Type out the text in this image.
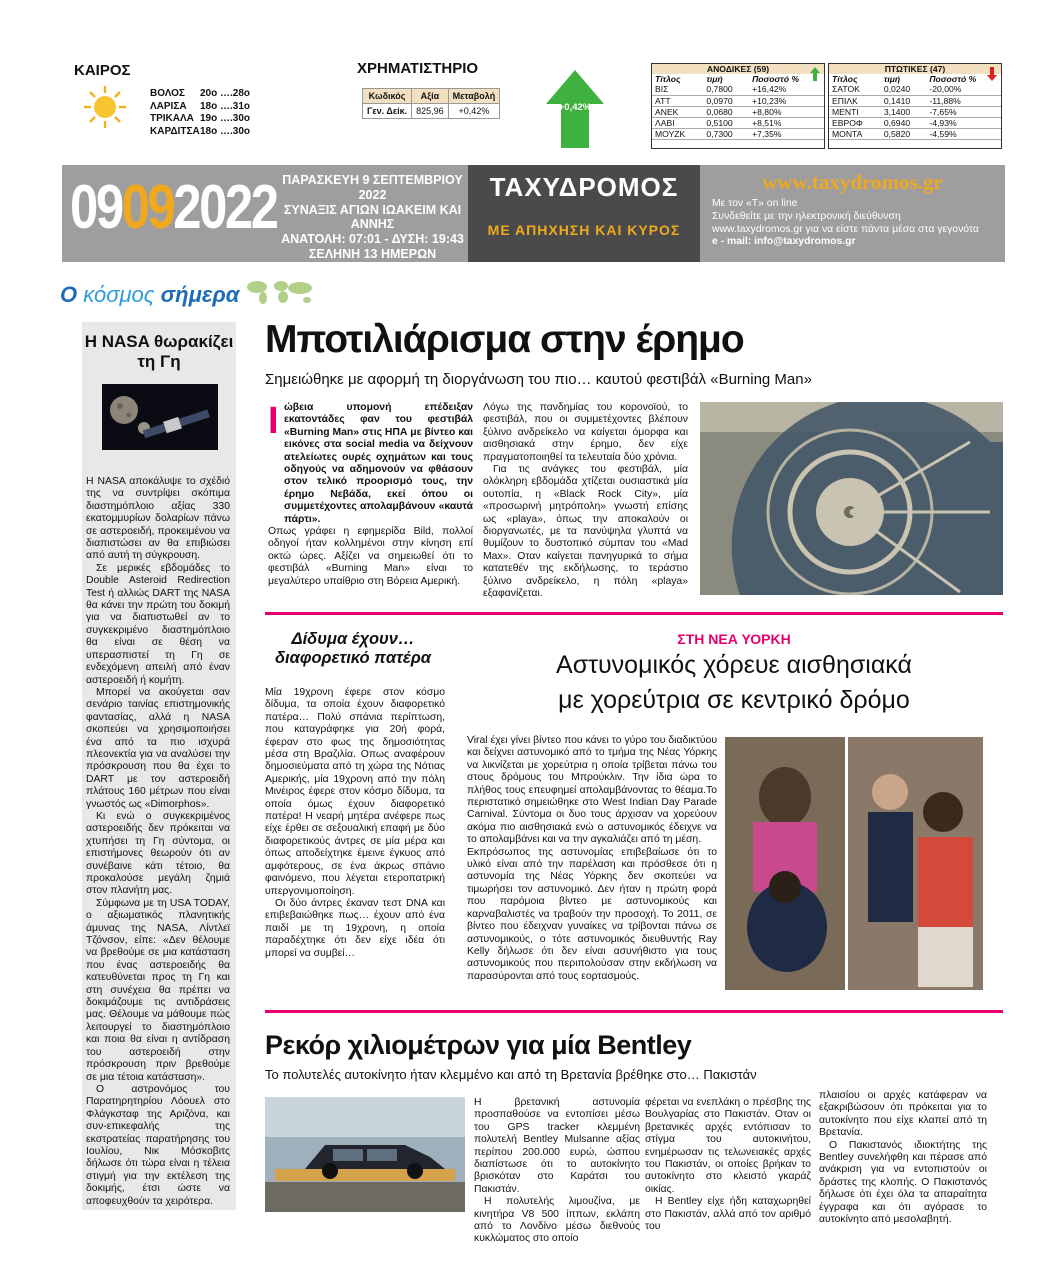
ΚΑΙΡΟΣ
ΒΟΛΟΣ	20ο ….28ο
ΛΑΡΙΣΑ	18ο ….31ο
ΤΡΙΚΑΛΑ 19ο ….30ο
ΚΑΡΔΙΤΣΑ 18ο ….30ο
ΧΡΗΜΑΤΙΣΤΗΡΙΟ
Κωδικός	Αξία	Μεταβολή
Γεν. Δείκ.	825,96	+0,42%	+0,42%
ΑΝΟΔΙΚΕΣ (59)		
Τίτλος	τιμή	Ποσοστό %
ΒΙΣ	0,7800	+16,42%
ΑΤΤ	0,0970	+10,23%
ΑΝΕΚ	0,0680	+8,80%
ΛΑΒΙ	0,5100	+8,51%
ΜΟΥΖΚ	0,7300	+7,35%
ΠΤΩΤΙΚΕΣ (47)		
Τίτλος	τιμή	Ποσοστό %
ΣΑΤΟΚ	0,0240	-20,00%
ΕΠΙΛΚ	0,1410	-11,88%
ΜΕΝΤΙ	3,1400	-7,65%
ΕΒΡΟΦ	0,6940	-4,93%
ΜΟΝΤΑ	0,5820	-4,59%
09092022 ΠΑΡΑΣΚΕΥΗ 9 ΣΕΠΤΕΜΒΡΙΟΥ 2022
ΣΥΝΑΞΙΣ ΑΓΙΩΝ ΙΩΑΚΕΙΜ ΚΑΙ ΑΝΝΗΣ
ΑΝΑΤΟΛΗ: 07:01 - ΔΥΣΗ: 19:43
ΣΕΛΗΝΗ 13 ΗΜΕΡΩΝ
ΤΑΧΥΔΡΟΜΟΣ
ΜΕ ΑΠΗΧΗΣΗ ΚΑΙ ΚΥΡΟΣ
www.taxydromos.gr
Με τον «Τ» on line
Συνδεθείτε με την ηλεκτρονική διεύθυνση
www.taxydromos.gr για να είστε πάντα μέσα στα γεγονότα
e - mail: info@taxydromos.gr
Ο κόσμος σήμερα
Η NASA θωρακίζει τη Γη

Η NASA αποκάλυψε το σχέδιό της να συντρίψει σκόπιμα διαστημόπλοιο αξίας 330 εκατομμυρίων δολαρίων πάνω σε αστεροειδή, προκειμένου να διαπιστώσει αν θα επιβιώσει από αυτή τη σύγκρουση.

Σε μερικές εβδομάδες το Double Asteroid Redirection Test ή αλλιώς DART της NASA θα κάνει την πρώτη του δοκιμή για να διαπιστωθεί αν το συγκεκριμένο διαστημόπλοιο θα είναι σε θέση να υπερασπιστεί τη Γη σε ενδεχόμενη απειλή από έναν αστεροειδή ή κομήτη.

Μπορεί να ακούγεται σαν σενάριο ταινίας επιστημονικής φαντασίας, αλλά η NASA σκοπεύει να χρησιμοποιήσει ένα από τα πιο ισχυρά πλεονεκτία για να αναλύσει την πρόσκρουση που θα έχει το DART με τον αστεροειδή πλάτους 160 μέτρων που είναι γνωστός ως «Dimorphos».

Κι ενώ ο συγκεκριμένος αστεροειδής δεν πρόκειται να χτυπήσει τη Γη σύντομα, οι επιστήμονες θεωρούν ότι αν συνέβαινε κάτι τέτοιο, θα προκαλούσε μεγάλη ζημιά στον πλανήτη μας.

Σύμφωνα με τη USA TODAY, ο αξιωματικός πλανητικής άμυνας της NASA, Λίντλεϊ Τζόνσον, είπε: «Δεν θέλουμε να βρεθούμε σε μια κατάσταση που ένας αστεροειδής θα κατευθύνεται προς τη Γη και στη συνέχεια θα πρέπει να δοκιμάζουμε τις αντιδράσεις μας. Θέλουμε να μάθουμε πώς λειτουργεί το διαστημόπλοιο και ποια θα είναι η αντίδραση του αστεροειδή στην πρόσκρουση πριν βρεθούμε σε μια τέτοια κατάσταση».

Ο αστρονόμος του Παρατηρητηρίου Λόουελ στο Φλάγκσταφ της Αριζόνα, και συν-επικεφαλής της εκστρατείας παρατήρησης του Ιουλίου, Νικ Μόσκοβιτς δήλωσε ότι τώρα είναι η τέλεια στιγμή για την εκτέλεση της δοκιμής, έτσι ώστε να αποφευχθούν τα χειρότερα.

Μποτιλιάρισμα στην έρημο
Σημειώθηκε με αφορμή τη διοργάνωση του πιο… καυτού φεστιβάλ «Burning Man»
Ι ώβεια υπομονή επέδειξαν εκατοντάδες φαν του φεστιβάλ «Burning Man» στις ΗΠΑ με βίντεο και εικόνες στα social media να δείχνουν ατελείωτες ουρές οχημάτων και τους οδηγούς να αδημονούν να φθάσουν στον τελικό προορισμό τους, την έρημο Νεβάδα, εκεί όπου οι συμμετέχοντες απολαμβάνουν «καυτά πάρτι».

Οπως γράφει η εφημερίδα Bild, πολλοί οδηγοί ήταν κολλημένοι στην κίνηση επί οκτώ ώρες. Αξίζει να σημειωθεί ότι το φεστιβάλ «Burning Man» είναι το μεγαλύτερο υπαίθριο στη Βόρεια Αμερική.

Λόγω της πανδημίας του κορονοϊού, το φεστιβάλ, που οι συμμετέχοντες βλέπουν ξύλινο ανδρείκελο να καίγεται όμορφα και αισθησιακά στην έρημο, δεν είχε πραγματοποιηθεί τα τελευταία δύο χρόνια.

Για τις ανάγκες του φεστιβάλ, μία ολόκληρη εβδομάδα χτίζεται ουσιαστικά μία ουτοπία, η «Black Rock City», μία «προσωρινή μητρόπολη» γνωστή επίσης ως «playa», όπως την αποκαλούν οι διοργανωτές, με τα πανύψηλα γλυπτά να θυμίζουν το δυστοπικό σύμπαν του «Mad Max». Οταν καίγεται πανηγυρικά το σήμα κατατεθέν της εκδήλωσης, το τεράστιο ξύλινο ανδρείκελο, η πόλη «playa» εξαφανίζεται.

Δίδυμα έχουν… διαφορετικό πατέρα

Μία 19χρονη έφερε στον κόσμο δίδυμα, τα οποία έχουν διαφορετικό πατέρα… Πολύ σπάνια περίπτωση, που καταγράφηκε για 20ή φορά, έφεραν στο φως της δημοσιότητας μέσα στη Βραζιλία. Οπως αναφέρουν δημοσιεύματα από τη χώρα της Νότιας Αμερικής, μία 19χρονη από την πόλη Μινέιρος έφερε στον κόσμο δίδυμα, τα οποία όμως έχουν διαφορετικό πατέρα! Η νεαρή μητέρα ανέφερε πως είχε έρθει σε σεξουαλική επαφή με δύο διαφορετικούς άντρες σε μία μέρα και όπως αποδείχτηκε έμεινε έγκυος από αμφότερους, σε ένα άκρως σπάνιο φαινόμενο, που λέγεται ετεροπατρική υπεργονιμοποίηση.

Οι δύο άντρες έκαναν τεστ DNA και επιβεβαιώθηκε πως… έχουν από ένα παιδί με τη 19χρονη, η οποία παραδέχτηκε ότι δεν είχε ιδέα ότι μπορεί να συμβεί…

ΣΤΗ ΝΕΑ ΥΟΡΚΗ
Αστυνομικός χόρευε αισθησιακά
με χορεύτρια σε κεντρικό δρόμο

Viral έχει γίνει βίντεο που κάνει το γύρο του διαδικτύου και δείχνει αστυνομικό από το τμήμα της Νέας Υόρκης να λικνίζεται με χορεύτρια η οποία τρίβεται πάνω του στους δρόμους του Μπρούκλιν. Την ίδια ώρα το πλήθος τους επευφημεί απολαμβάνοντας το θέαμα.Το περιστατικό σημειώθηκε στο West Indian Day Parade Carnival. Σύντομα οι δυο τους άρχισαν να χορεύουν ακόμα πιο αισθησιακά ενώ ο αστυνομικός έδειχνε να το απολαμβάνει και να την αγκαλιάζει από τη μέση.

Εκπρόσωπος της αστυνομίας επιβεβαίωσε ότι το υλικό είναι από την παρέλαση και πρόσθεσε ότι η αστυνομία της Νέας Υόρκης δεν σκοπεύει να τιμωρήσει τον αστυνομικό. Δεν ήταν η πρώτη φορά που παρόμοια βίντεο με αστυνομικούς και καρναβαλιστές να τραβούν την προσοχή. Το 2011, σε βίντεο που έδειχναν γυναίκες να τρίβονται πάνω σε αστυνομικούς, ο τότε αστυνομικός διευθυντής Ray Kelly δήλωσε ότι δεν είναι ασυνήθιστο για τους αστυνομικούς που περιπολούσαν στην εκδήλωση να παρασύρονται από τους εορτασμούς.

Ρεκόρ χιλιομέτρων για μία Bentley
Το πολυτελές αυτοκίνητο ήταν κλεμμένο και από τη Βρετανία βρέθηκε στο… Πακιστάν

Η βρετανική αστυνομία προσπαθούσε να εντοπίσει μέσω του GPS tracker κλεμμένη πολυτελή Bentley Mulsanne αξίας περίπου 200.000 ευρώ, ώσπου διαπίστωσε ότι το αυτοκίνητο βρισκόταν στο Καράτσι του Πακιστάν.

Η πολυτελής λιμουζίνα, με κινητήρα V8 500 ίππων, εκλάπη από το Λονδίνο μέσω διεθνούς κυκλώματος στο οποίο

φέρεται να ενεπλάκη ο πρέσβης της Βουλγαρίας στο Πακιστάν. Οταν οι βρετανικές αρχές εντόπισαν το στίγμα του αυτοκινήτου, ενημέρωσαν τις τελωνειακές αρχές του Πακιστάν, οι οποίες βρήκαν το αυτοκίνητο στο κλειστό γκαράζ οικίας.

Η Bentley είχε ήδη καταχωρηθεί στο Πακιστάν, αλλά από τον αριθμό του

πλαισίου οι αρχές κατάφεραν να εξακριβώσουν ότι πρόκειται για το αυτοκίνητο που είχε κλαπεί από τη Βρετανία.

Ο Πακιστανός ιδιοκτήτης της Bentley συνελήφθη και πέρασε από ανάκριση για να εντοπιστούν οι δράστες της κλοπής. Ο Πακιστανός δήλωσε ότι έχει όλα τα απαραίτητα έγγραφα και ότι αγόρασε το αυτοκίνητο από μεσολαβητή.
